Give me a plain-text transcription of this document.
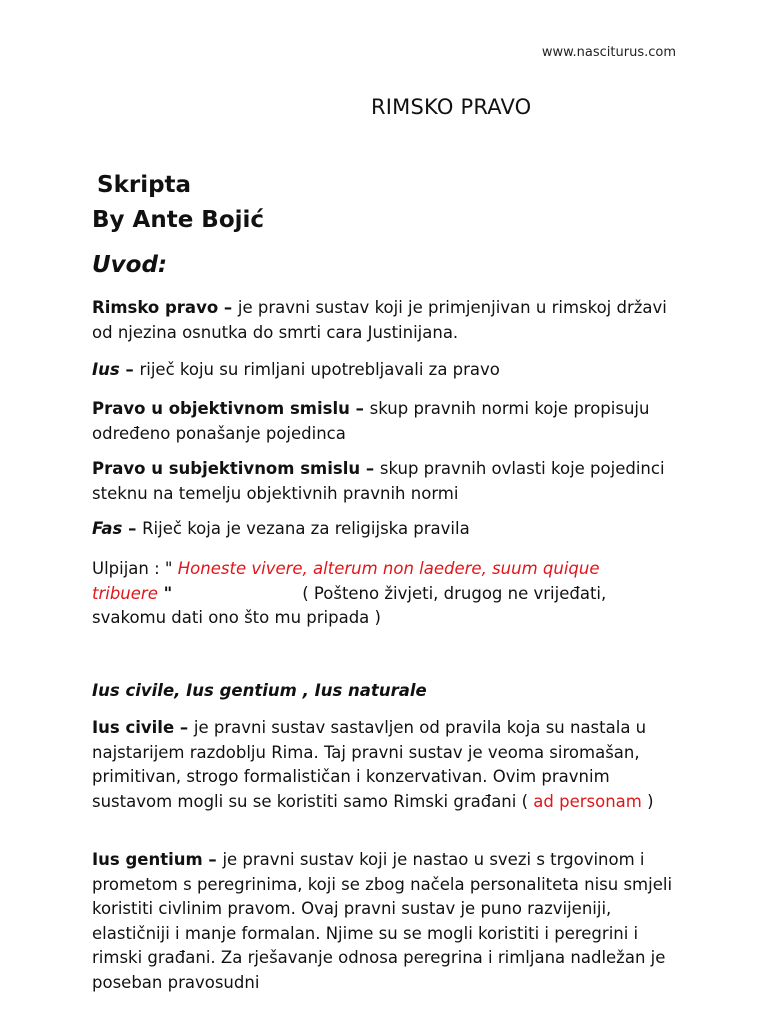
www.nasciturus.com
RIMSKO PRAVO
Skripta
By Ante Bojić
Uvod:
Rimsko pravo – je pravni sustav koji je primjenjivan u rimskoj državi od njezina osnutka do smrti cara Justinijana.
Ius – riječ koju su rimljani upotrebljavali za pravo
Pravo u objektivnom smislu – skup pravnih normi koje propisuju određeno ponašanje pojedinca
Pravo u subjektivnom smislu – skup pravnih ovlasti koje pojedinci steknu na temelju objektivnih pravnih normi
Fas – Riječ koja je vezana za religijska pravila
Ulpijan : " Honeste vivere, alterum non laedere, suum quique
tribuere "	( Pošteno živjeti, drugog ne vrijeđati,
svakomu dati ono što mu pripada )
Ius civile, Ius gentium , Ius naturale
Ius civile – je pravni sustav sastavljen od pravila koja su nastala u najstarijem razdoblju Rima. Taj pravni sustav je veoma siromašan, primitivan, strogo formalističan i konzervativan. Ovim pravnim sustavom mogli su se koristiti samo Rimski građani ( ad personam )
Ius gentium – je pravni sustav koji je nastao u svezi s trgovinom i prometom s peregrinima, koji se zbog načela personaliteta nisu smjeli koristiti civlinim pravom. Ovaj pravni sustav je puno razvijeniji, elastičniji i manje formalan. Njime su se mogli koristiti i peregrini i rimski građani. Za rješavanje odnosa peregrina i rimljana nadležan je poseban pravosudni
